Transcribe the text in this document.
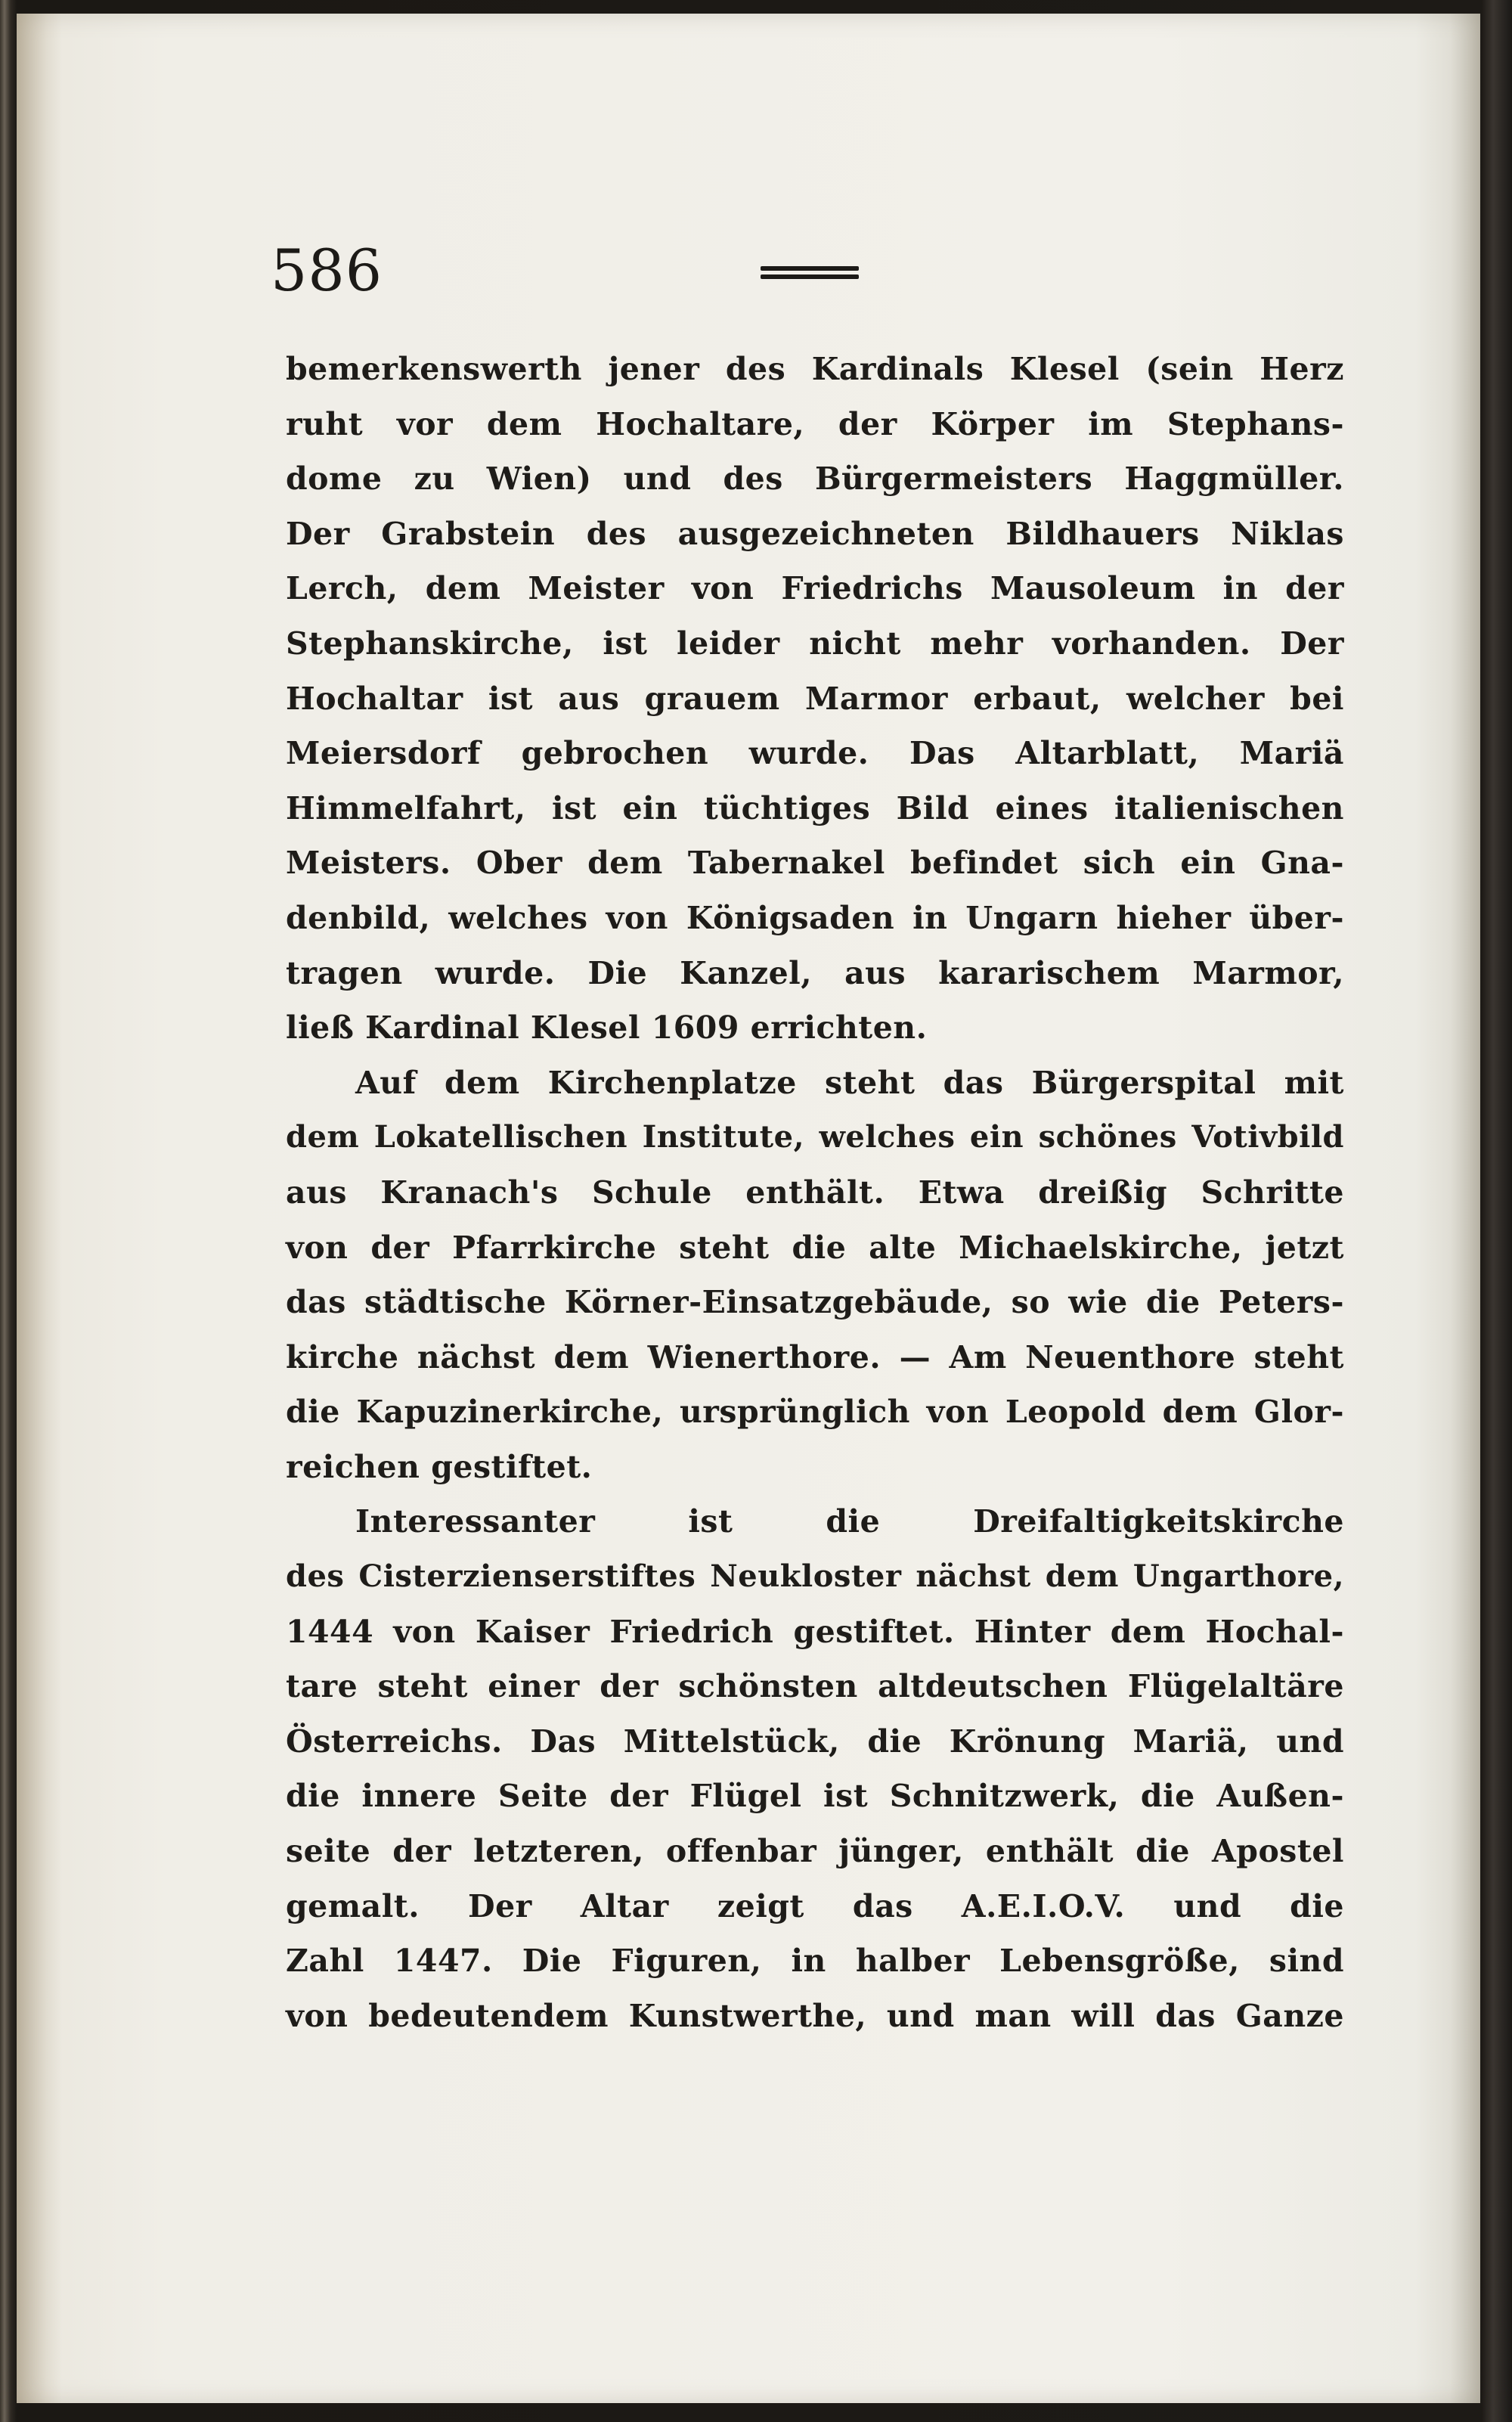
586
bemerkenswerth jener des Kardinals Klesel (sein Herz
ruht vor dem Hochaltare, der Körper im Stephans-
dome zu Wien) und des Bürgermeisters Haggmüller.
Der Grabstein des ausgezeichneten Bildhauers Niklas
Lerch, dem Meister von Friedrichs Mausoleum in der
Stephanskirche, ist leider nicht mehr vorhanden. Der
Hochaltar ist aus grauem Marmor erbaut, welcher bei
Meiersdorf gebrochen wurde. Das Altarblatt, Mariä
Himmelfahrt, ist ein tüchtiges Bild eines italienischen
Meisters. Ober dem Tabernakel befindet sich ein Gna-
denbild, welches von Königsaden in Ungarn hieher über-
tragen wurde. Die Kanzel, aus kararischem Marmor,
ließ Kardinal Klesel 1609 errichten.
Auf dem Kirchenplatze steht das Bürgerspital mit
dem Lokatellischen Institute, welches ein schönes Votivbild
aus Kranach's Schule enthält. Etwa dreißig Schritte
von der Pfarrkirche steht die alte Michaelskirche, jetzt
das städtische Körner-Einsatzgebäude, so wie die Peters-
kirche nächst dem Wienerthore. — Am Neuenthore steht
die Kapuzinerkirche, ursprünglich von Leopold dem Glor-
reichen gestiftet.
Interessanter ist die Dreifaltigkeitskirche
des Cisterzienserstiftes Neukloster nächst dem Ungarthore,
1444 von Kaiser Friedrich gestiftet. Hinter dem Hochal-
tare steht einer der schönsten altdeutschen Flügelaltäre
Österreichs. Das Mittelstück, die Krönung Mariä, und
die innere Seite der Flügel ist Schnitzwerk, die Außen-
seite der letzteren, offenbar jünger, enthält die Apostel
gemalt. Der Altar zeigt das A.E.I.O.V. und die
Zahl 1447. Die Figuren, in halber Lebensgröße, sind
von bedeutendem Kunstwerthe, und man will das Ganze
